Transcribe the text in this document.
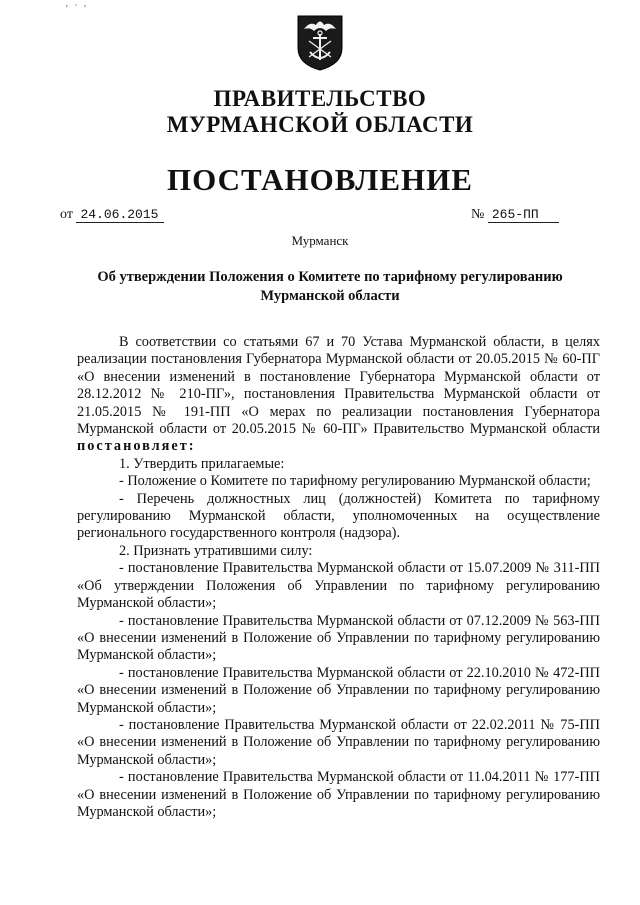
' ` '
ПРАВИТЕЛЬСТВО
МУРМАНСКОЙ ОБЛАСТИ
ПОСТАНОВЛЕНИЕ
от 24.06.2015	№ 265-ПП
Мурманск
Об утверждении Положения о Комитете по тарифному регулированию
Мурманской области

В соответствии со статьями 67 и 70 Устава Мурманской области, в целях реализации постановления Губернатора Мурманской области от 20.05.2015 № 60-ПГ «О внесении изменений в постановление Губернатора Мурманской области от 28.12.2012 № 210-ПГ», постановления Правительства Мурманской области от 21.05.2015 № 191-ПП «О мерах по реализации постановления Губернатора Мурманской области от 20.05.2015 № 60-ПГ» Правительство Мурманской области постановляет:

1. Утвердить прилагаемые:

- Положение о Комитете по тарифному регулированию Мурманской области;

- Перечень должностных лиц (должностей) Комитета по тарифному регулированию Мурманской области, уполномоченных на осуществление регионального государственного контроля (надзора).

2. Признать утратившими силу:

- постановление Правительства Мурманской области от 15.07.2009 № 311-ПП «Об утверждении Положения об Управлении по тарифному регулированию Мурманской области»;

- постановление Правительства Мурманской области от 07.12.2009 № 563-ПП «О внесении изменений в Положение об Управлении по тарифному регулированию Мурманской области»;

- постановление Правительства Мурманской области от 22.10.2010 № 472-ПП «О внесении изменений в Положение об Управлении по тарифному регулированию Мурманской области»;

- постановление Правительства Мурманской области от 22.02.2011 № 75-ПП «О внесении изменений в Положение об Управлении по тарифному регулированию Мурманской области»;

- постановление Правительства Мурманской области от 11.04.2011 № 177-ПП «О внесении изменений в Положение об Управлении по тарифному регулированию Мурманской области»;
